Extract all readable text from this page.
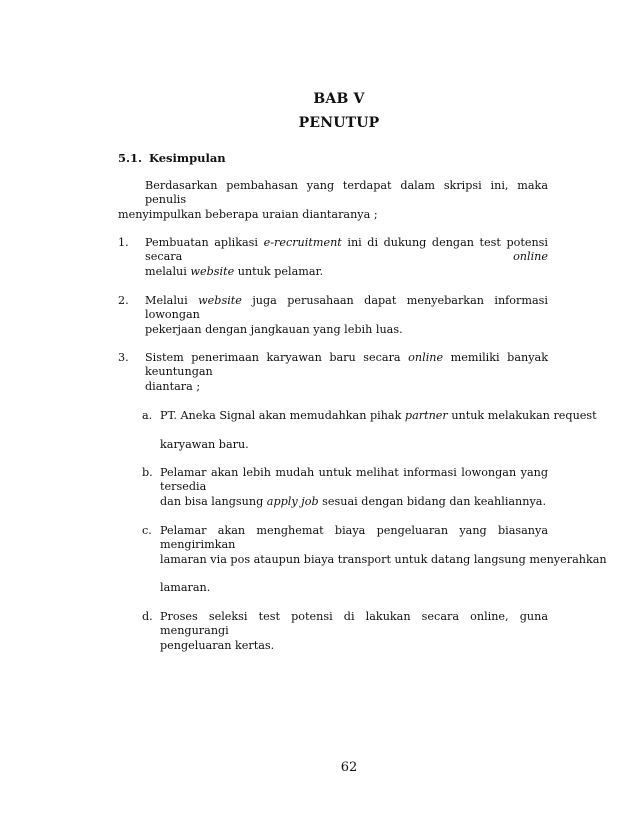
BAB V
PENUTUP
5.1. Kesimpulan
Berdasarkan pembahasan yang terdapat dalam skripsi ini, maka penulis
menyimpulkan beberapa uraian diantaranya ;
1. Pembuatan aplikasi e-recruitment ini di dukung dengan test potensi secara online
melalui website untuk pelamar.
2. Melalui website juga perusahaan dapat menyebarkan informasi lowongan
pekerjaan dengan jangkauan yang lebih luas.
3. Sistem penerimaan karyawan baru secara online memiliki banyak keuntungan
diantara ;
a. PT. Aneka Signal akan memudahkan pihak partner untuk melakukan request
karyawan baru.
b. Pelamar akan lebih mudah untuk melihat informasi lowongan yang tersedia
dan bisa langsung apply job sesuai dengan bidang dan keahliannya.
c. Pelamar akan menghemat biaya pengeluaran yang biasanya mengirimkan
lamaran via pos ataupun biaya transport untuk datang langsung menyerahkan
lamaran.
d. Proses seleksi test potensi di lakukan secara online, guna mengurangi
pengeluaran kertas.
62
